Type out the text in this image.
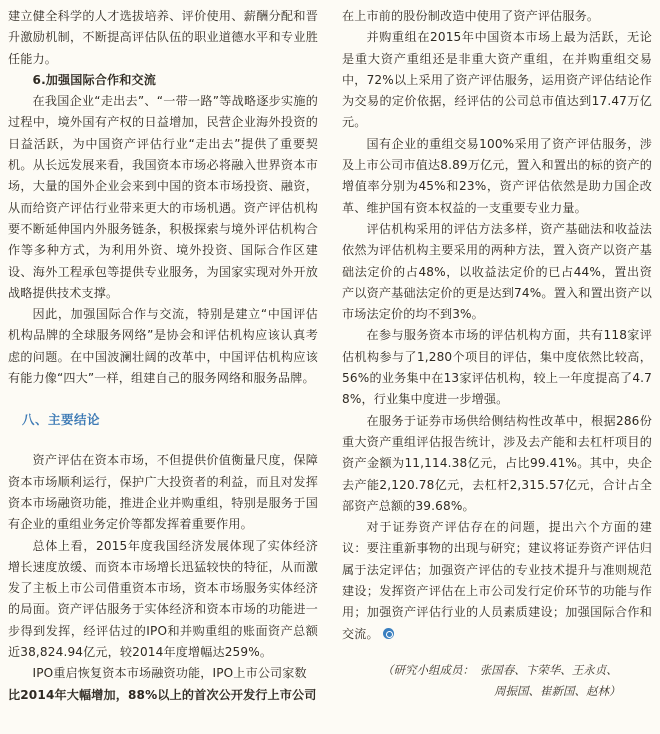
建立健全科学的人才选拔培养、评价使用、薪酬分配和晋升激励机制，不断提高评估队伍的职业道德水平和专业胜任能力。

6.加强国际合作和交流

在我国企业“走出去”、“一带一路”等战略逐步实施的过程中，境外国有产权的日益增加，民营企业海外投资的日益活跃，为中国资产评估行业“走出去”提供了重要契机。从长远发展来看，我国资本市场必将融入世界资本市场，大量的国外企业会来到中国的资本市场投资、融资，从而给资产评估行业带来更大的市场机遇。资产评估机构要不断延伸国内外服务链条，积极探索与境外评估机构合作等多种方式，为利用外资、境外投资、国际合作区建设、海外工程承包等提供专业服务，为国家实现对外开放战略提供技术支撑。

因此，加强国际合作与交流，特别是建立“中国评估机构品牌的全球服务网络”是协会和评估机构应该认真考虑的问题。在中国波澜壮阔的改革中，中国评估机构应该有能力像“四大”一样，组建自己的服务网络和服务品牌。

八、主要结论

资产评估在资本市场，不但提供价值衡量尺度，保障资本市场顺利运行，保护广大投资者的利益，而且对发挥资本市场融资功能，推进企业并购重组，特别是服务于国有企业的重组业务定价等都发挥着重要作用。

总体上看，2015年度我国经济发展体现了实体经济增长速度放缓、而资本市场增长迅猛较快的特征，从而激发了主板上市公司借重资本市场，资本市场服务实体经济的局面。资产评估服务于实体经济和资本市场的功能进一步得到发挥，经评估过的IPO和并购重组的账面资产总额近38,824.94亿元，较2014年度增幅达259%。

IPO重启恢复资本市场融资功能，IPO上市公司家数

比2014年大幅增加，88%以上的首次公开发行上市公司

在上市前的股份制改造中使用了资产评估服务。

并购重组在2015年中国资本市场上最为活跃，无论是重大资产重组还是非重大资产重组，在并购重组交易中，72%以上采用了资产评估服务，运用资产评估结论作为交易的定价依据，经评估的公司总市值达到17.47万亿元。

国有企业的重组交易100%采用了资产评估服务，涉及上市公司市值达8.89万亿元，置入和置出的标的资产的增值率分别为45%和23%，资产评估依然是助力国企改革、维护国有资本权益的一支重要专业力量。

评估机构采用的评估方法多样，资产基础法和收益法依然为评估机构主要采用的两种方法，置入资产以资产基础法定价的占48%，以收益法定价的已占44%，置出资产以资产基础法定价的更是达到74%。置入和置出资产以市场法定价的均不到3%。

在参与服务资本市场的评估机构方面，共有118家评估机构参与了1,280个项目的评估，集中度依然比较高，56%的业务集中在13家评估机构，较上一年度提高了4.78%，行业集中度进一步增强。

在服务于证券市场供给侧结构性改革中，根据286份重大资产重组评估报告统计，涉及去产能和去杠杆项目的资产金额为11,114.38亿元，占比99.41%。其中，央企去产能2,120.78亿元，去杠杆2,315.57亿元，合计占全部资产总额的39.68%。

对于证券资产评估存在的问题，提出六个方面的建议：要注重新事物的出现与研究；建议将证券资产评估归属于法定评估；加强资产评估的专业技术提升与准则规范建设；发挥资产评估在上市公司发行定价环节的功能与作用；加强资产评估行业的人员素质建设；加强国际合作和交流。

（研究小组成员：　张国春、卞荣华、王永贞、
周振国、崔新国、赵林）
